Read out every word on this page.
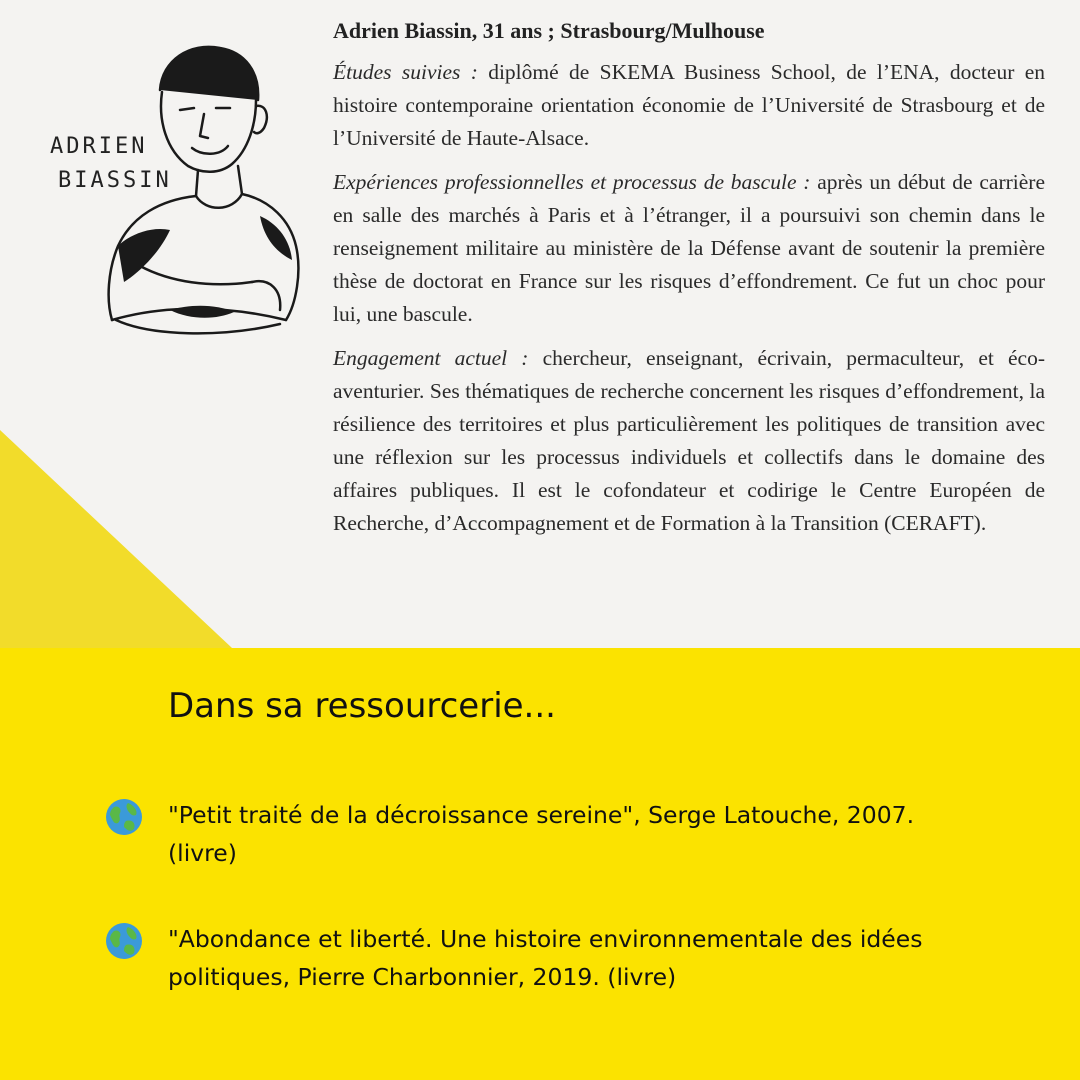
ADRIEN
BIASSIN
Adrien Biassin, 31 ans ; Strasbourg/Mulhouse

Études suivies : diplômé de SKEMA Business School, de l’ENA, docteur en histoire contemporaine orientation économie de l’Université de Strasbourg et de l’Université de Haute-Alsace.

Expériences professionnelles et processus de bascule : après un début de carrière en salle des marchés à Paris et à l’étranger, il a poursuivi son chemin dans le renseignement militaire au ministère de la Défense avant de soutenir la première thèse de doctorat en France sur les risques d’effondrement. Ce fut un choc pour lui, une bascule.

Engagement actuel : chercheur, enseignant, écrivain, permaculteur, et éco-aventurier. Ses thématiques de recherche concernent les risques d’effondrement, la résilience des territoires et plus particulièrement les politiques de transition avec une réflexion sur les processus individuels et collectifs dans le domaine des affaires publiques. Il est le cofondateur et codirige le Centre Européen de Recherche, d’Accompagnement et de Formation à la Transition (CERAFT).

Dans sa ressourcerie...
"Petit traité de la décroissance sereine", Serge Latouche, 2007. (livre)
"Abondance et liberté. Une histoire environnementale des idées politiques, Pierre Charbonnier, 2019. (livre)
